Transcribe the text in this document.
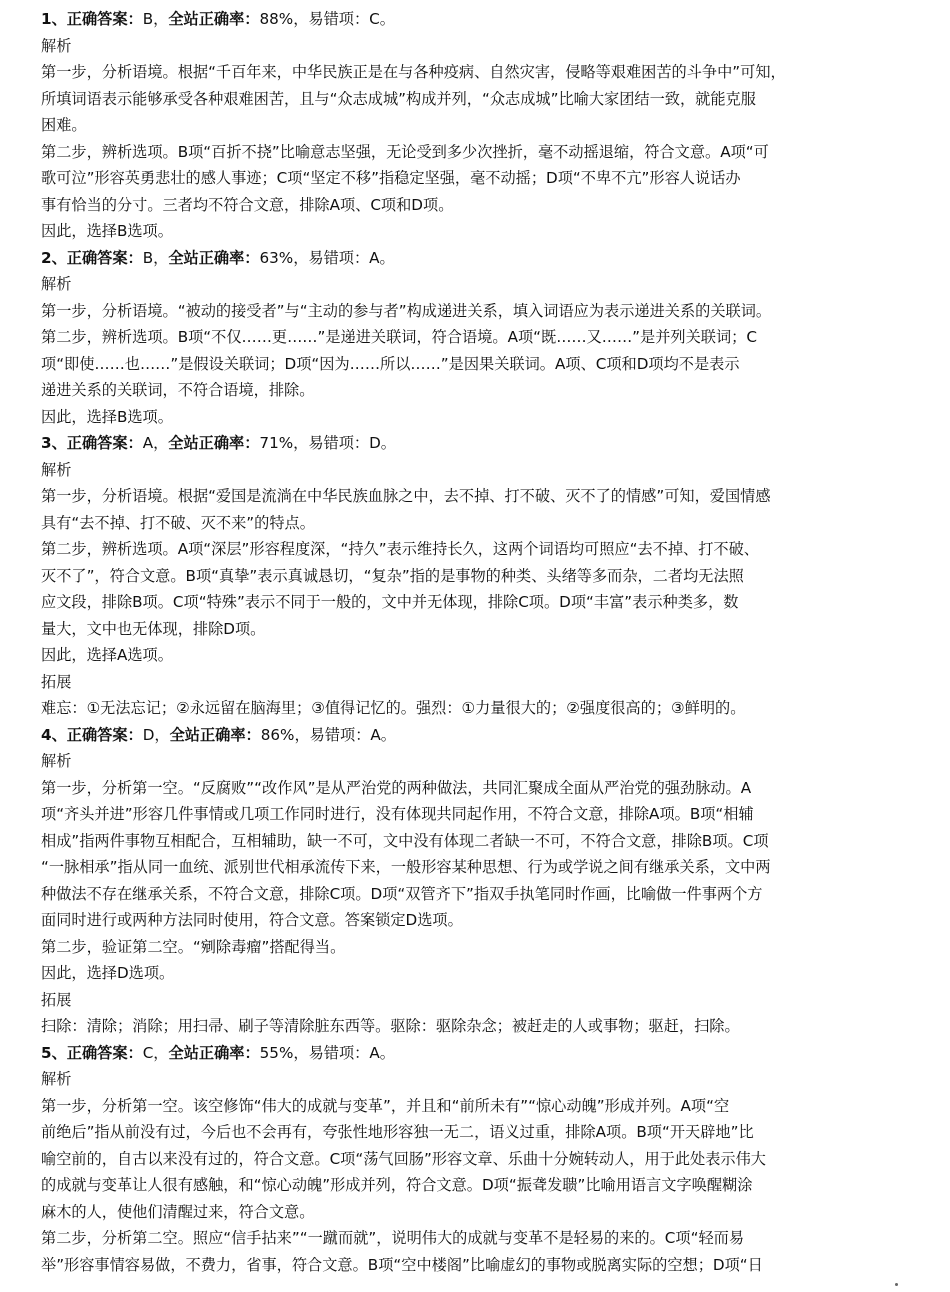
1、正确答案：B，全站正确率：88%，易错项：C。
解析
第一步，分析语境。根据“千百年来，中华民族正是在与各种疫病、自然灾害，侵略等艰难困苦的斗争中”可知，
所填词语表示能够承受各种艰难困苦，且与“众志成城”构成并列，“众志成城”比喻大家团结一致，就能克服
困难。
第二步，辨析选项。B项“百折不挠”比喻意志坚强，无论受到多少次挫折，毫不动摇退缩，符合文意。A项“可
歌可泣”形容英勇悲壮的感人事迹；C项“坚定不移”指稳定坚强，毫不动摇；D项“不卑不亢”形容人说话办
事有恰当的分寸。三者均不符合文意，排除A项、C项和D项。
因此，选择B选项。
2、正确答案：B，全站正确率：63%，易错项：A。
解析
第一步，分析语境。“被动的接受者”与“主动的参与者”构成递进关系，填入词语应为表示递进关系的关联词。
第二步，辨析选项。B项“不仅……更……”是递进关联词，符合语境。A项“既……又……”是并列关联词；C
项“即使……也……”是假设关联词；D项“因为……所以……”是因果关联词。A项、C项和D项均不是表示
递进关系的关联词，不符合语境，排除。
因此，选择B选项。
3、正确答案：A，全站正确率：71%，易错项：D。
解析
第一步，分析语境。根据“爱国是流淌在中华民族血脉之中，去不掉、打不破、灭不了的情感”可知，爱国情感
具有“去不掉、打不破、灭不来”的特点。
第二步，辨析选项。A项“深层”形容程度深，“持久”表示维持长久，这两个词语均可照应“去不掉、打不破、
灭不了”，符合文意。B项“真挚”表示真诚恳切，“复杂”指的是事物的种类、头绪等多而杂，二者均无法照
应文段，排除B项。C项“特殊”表示不同于一般的，文中并无体现，排除C项。D项“丰富”表示种类多，数
量大，文中也无体现，排除D项。
因此，选择A选项。
拓展
难忘：①无法忘记；②永远留在脑海里；③值得记忆的。强烈：①力量很大的；②强度很高的；③鲜明的。
4、正确答案：D，全站正确率：86%，易错项：A。
解析
第一步，分析第一空。“反腐败”“改作风”是从严治党的两种做法，共同汇聚成全面从严治党的强劲脉动。A
项“齐头并进”形容几件事情或几项工作同时进行，没有体现共同起作用，不符合文意，排除A项。B项“相辅
相成”指两件事物互相配合，互相辅助，缺一不可，文中没有体现二者缺一不可，不符合文意，排除B项。C项
“一脉相承”指从同一血统、派别世代相承流传下来，一般形容某种思想、行为或学说之间有继承关系，文中两
种做法不存在继承关系，不符合文意，排除C项。D项“双管齐下”指双手执笔同时作画，比喻做一件事两个方
面同时进行或两种方法同时使用，符合文意。答案锁定D选项。
第二步，验证第二空。“剜除毒瘤”搭配得当。
因此，选择D选项。
拓展
扫除：清除；消除；用扫帚、刷子等清除脏东西等。驱除：驱除杂念；被赶走的人或事物；驱赶，扫除。
5、正确答案：C，全站正确率：55%，易错项：A。
解析
第一步，分析第一空。该空修饰“伟大的成就与变革”，并且和“前所未有”“惊心动魄”形成并列。A项“空
前绝后”指从前没有过，今后也不会再有，夸张性地形容独一无二，语义过重，排除A项。B项“开天辟地”比
喻空前的，自古以来没有过的，符合文意。C项“荡气回肠”形容文章、乐曲十分婉转动人，用于此处表示伟大
的成就与变革让人很有感触，和“惊心动魄”形成并列，符合文意。D项“振聋发聩”比喻用语言文字唤醒糊涂
麻木的人，使他们清醒过来，符合文意。
第二步，分析第二空。照应“信手拈来”“一蹴而就”，说明伟大的成就与变革不是轻易的来的。C项“轻而易
举”形容事情容易做，不费力，省事，符合文意。B项“空中楼阁”比喻虚幻的事物或脱离实际的空想；D项“日
